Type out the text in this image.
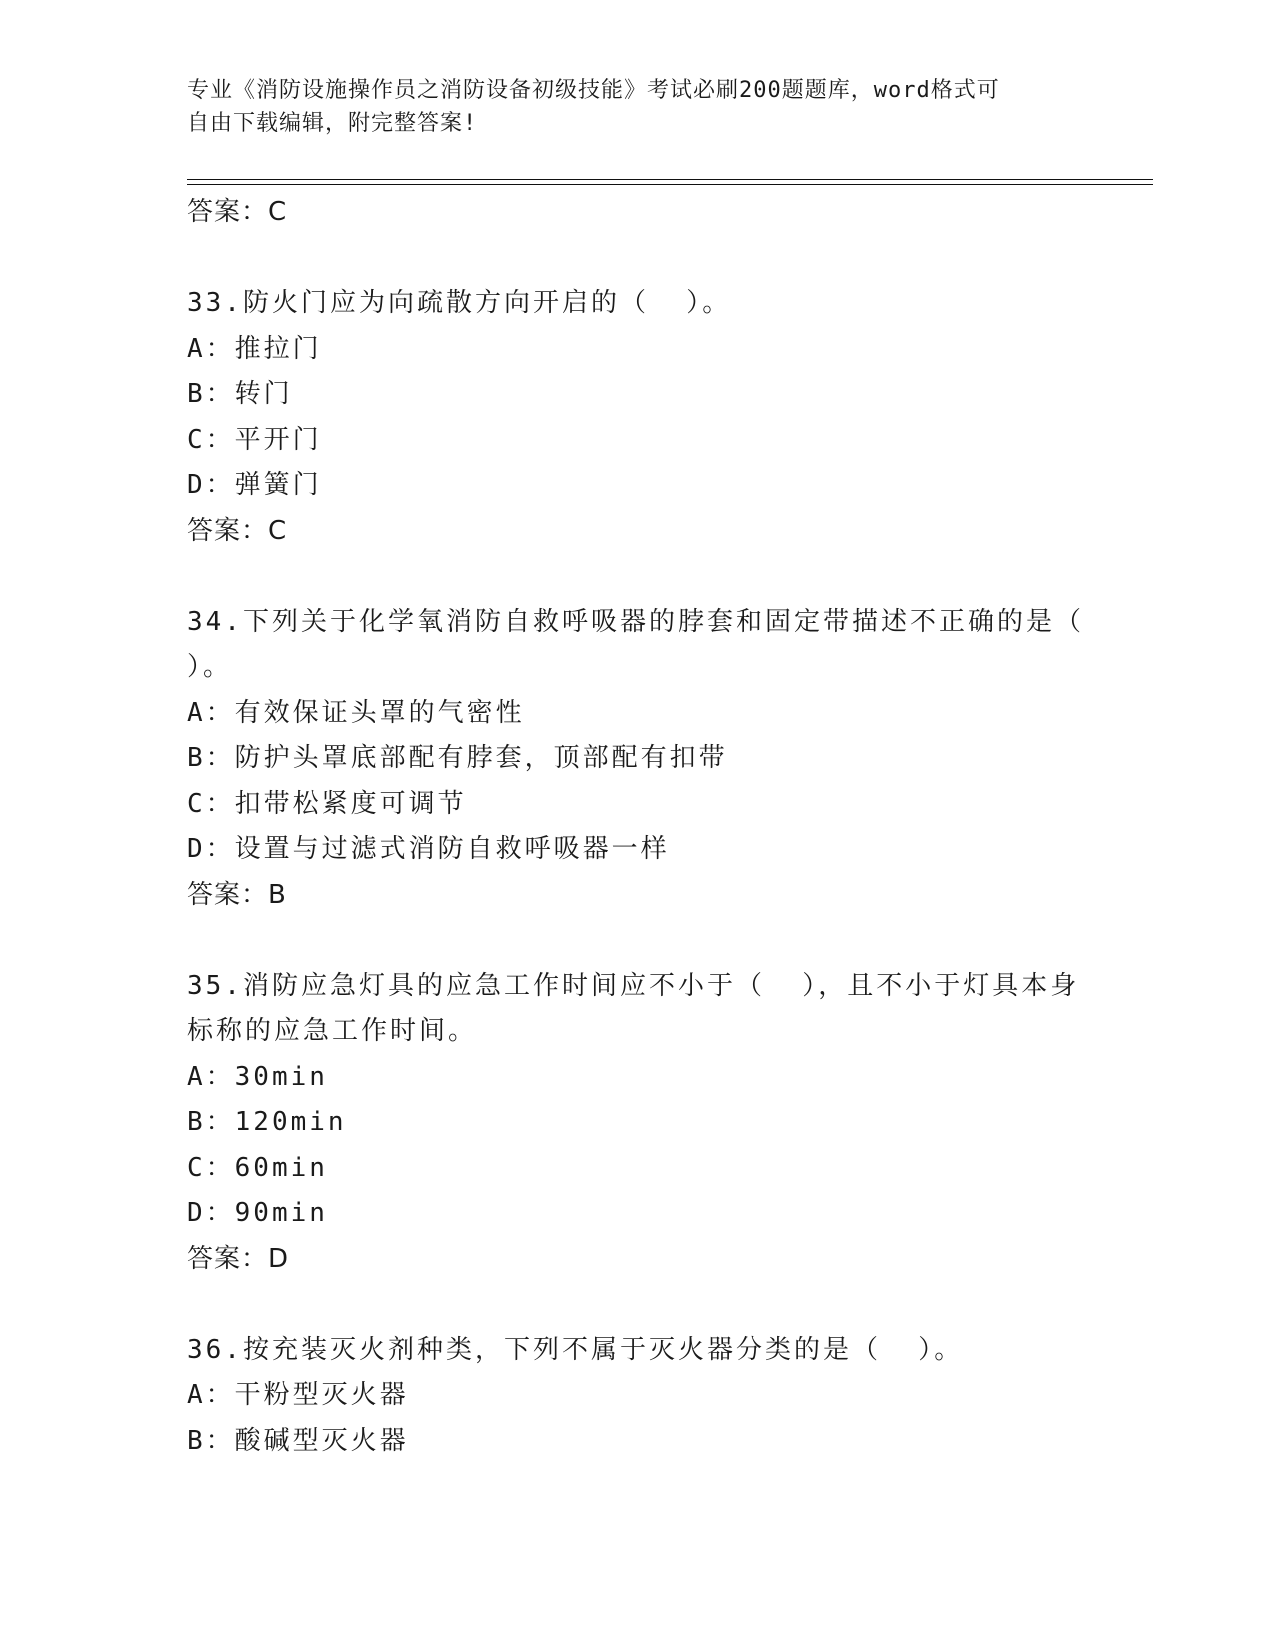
专业《消防设施操作员之消防设备初级技能》考试必刷200题题库，word格式可
自由下载编辑，附完整答案!
答案：C
33.防火门应为向疏散方向开启的（  ）。
A：推拉门
B：转门
C：平开门
D：弹簧门
答案：C
34.下列关于化学氧消防自救呼吸器的脖套和固定带描述不正确的是（
）。
A：有效保证头罩的气密性
B：防护头罩底部配有脖套，顶部配有扣带
C：扣带松紧度可调节
D：设置与过滤式消防自救呼吸器一样
答案：B
35.消防应急灯具的应急工作时间应不小于（  ），且不小于灯具本身
标称的应急工作时间。
A：30min
B：120min
C：60min
D：90min
答案：D
36.按充装灭火剂种类，下列不属于灭火器分类的是（  ）。
A：干粉型灭火器
B：酸碱型灭火器
